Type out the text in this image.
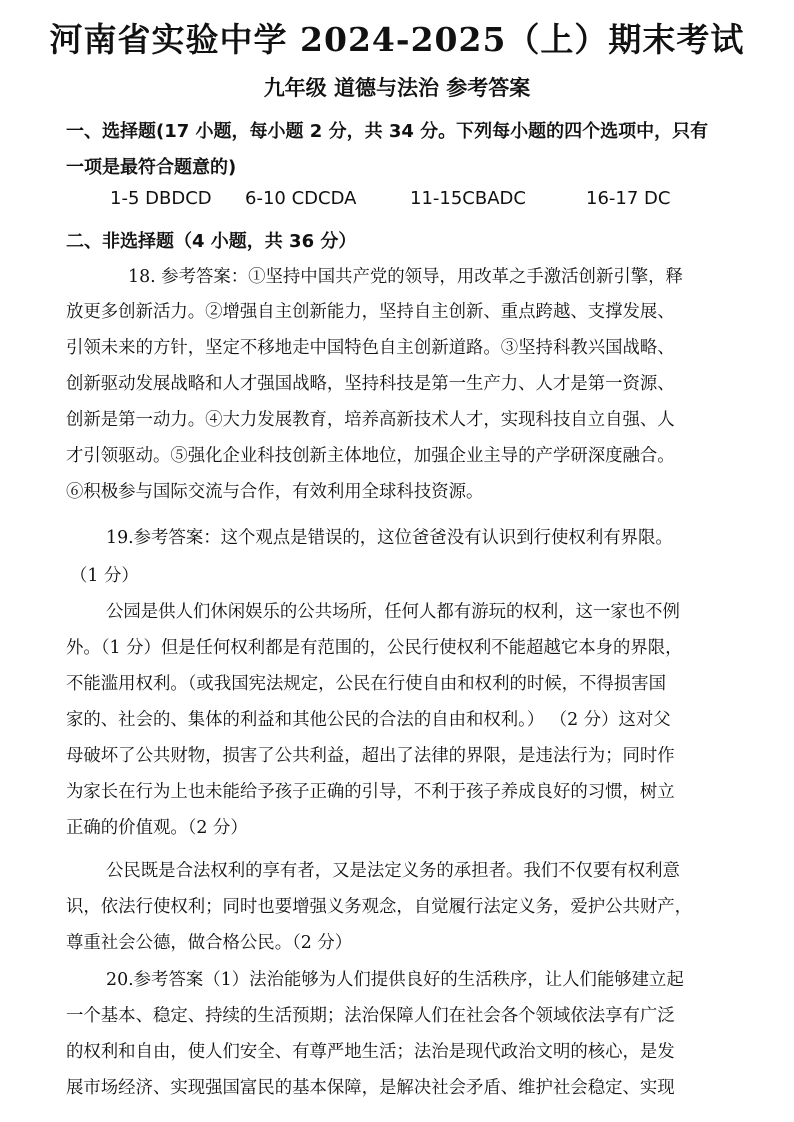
河南省实验中学 2024-2025（上）期末考试
九年级 道德与法治 参考答案
一、选择题(17 小题，每小题 2 分，共 34 分。下列每小题的四个选项中，只有
一项是最符合题意的)
1-5 DBDCD 6-10 CDCDA	11-15CBADC	16-17 DC
二、非选择题（4 小题，共 36 分）
18. 参考答案：①坚持中国共产党的领导，用改革之手激活创新引擎，释
放更多创新活力。②增强自主创新能力，坚持自主创新、重点跨越、支撑发展、
引领未来的方针，坚定不移地走中国特色自主创新道路。③坚持科教兴国战略、
创新驱动发展战略和人才强国战略，坚持科技是第一生产力、人才是第一资源、
创新是第一动力。④大力发展教育，培养高新技术人才，实现科技自立自强、人
才引领驱动。⑤强化企业科技创新主体地位，加强企业主导的产学研深度融合。
⑥积极参与国际交流与合作，有效利用全球科技资源。
19.参考答案：这个观点是错误的，这位爸爸没有认识到行使权利有界限。
（1 分）
公园是供人们休闲娱乐的公共场所，任何人都有游玩的权利，这一家也不例
外。（1 分）但是任何权利都是有范围的，公民行使权利不能超越它本身的界限，
不能滥用权利。（或我国宪法规定，公民在行使自由和权利的时候，不得损害国
家的、社会的、集体的利益和其他公民的合法的自由和权利。） （2 分）这对父
母破坏了公共财物，损害了公共利益，超出了法律的界限，是违法行为；同时作
为家长在行为上也未能给予孩子正确的引导，不利于孩子养成良好的习惯，树立
正确的价值观。（2 分）
公民既是合法权利的享有者，又是法定义务的承担者。我们不仅要有权利意
识，依法行使权利；同时也要增强义务观念，自觉履行法定义务，爱护公共财产，
尊重社会公德，做合格公民。（2 分）
20.参考答案（1）法治能够为人们提供良好的生活秩序，让人们能够建立起
一个基本、稳定、持续的生活预期；法治保障人们在社会各个领域依法享有广泛
的权利和自由，使人们安全、有尊严地生活；法治是现代政治文明的核心，是发
展市场经济、实现强国富民的基本保障，是解决社会矛盾、维护社会稳定、实现
